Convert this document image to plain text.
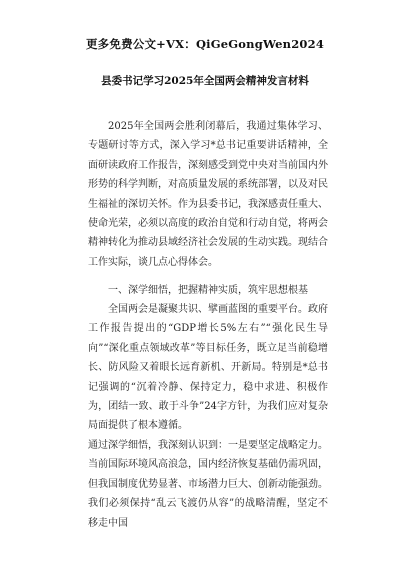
更多免费公文+VX：QiGeGongWen2024
县委书记学习2025年全国两会精神发言材料

2025年全国两会胜利闭幕后，我通过集体学习、专题研讨等方式，深入学习*总书记重要讲话精神，全面研读政府工作报告，深刻感受到党中央对当前国内外形势的科学判断，对高质量发展的系统部署，以及对民生福祉的深切关怀。作为县委书记，我深感责任重大、使命光荣，必须以高度的政治自觉和行动自觉，将两会精神转化为推动县域经济社会发展的生动实践。现结合工作实际，谈几点心得体会。

一、深学细悟，把握精神实质，筑牢思想根基

全国两会是凝聚共识、擘画蓝图的重要平台。政府工作报告提出的“GDP增长5%左右”“强化民生导向”“深化重点领域改革”等目标任务，既立足当前稳增长、防风险又着眼长远育新机、开新局。特别是*总书记强调的“沉着冷静、保持定力，稳中求进、积极作为，团结一致、敢于斗争”24字方针，为我们应对复杂局面提供了根本遵循。

通过深学细悟，我深刻认识到：一是要坚定战略定力。当前国际环境风高浪急，国内经济恢复基础仍需巩固，但我国制度优势显著、市场潜力巨大、创新动能强劲。我们必须保持“乱云飞渡仍从容”的战略清醒，坚定不移走中国
